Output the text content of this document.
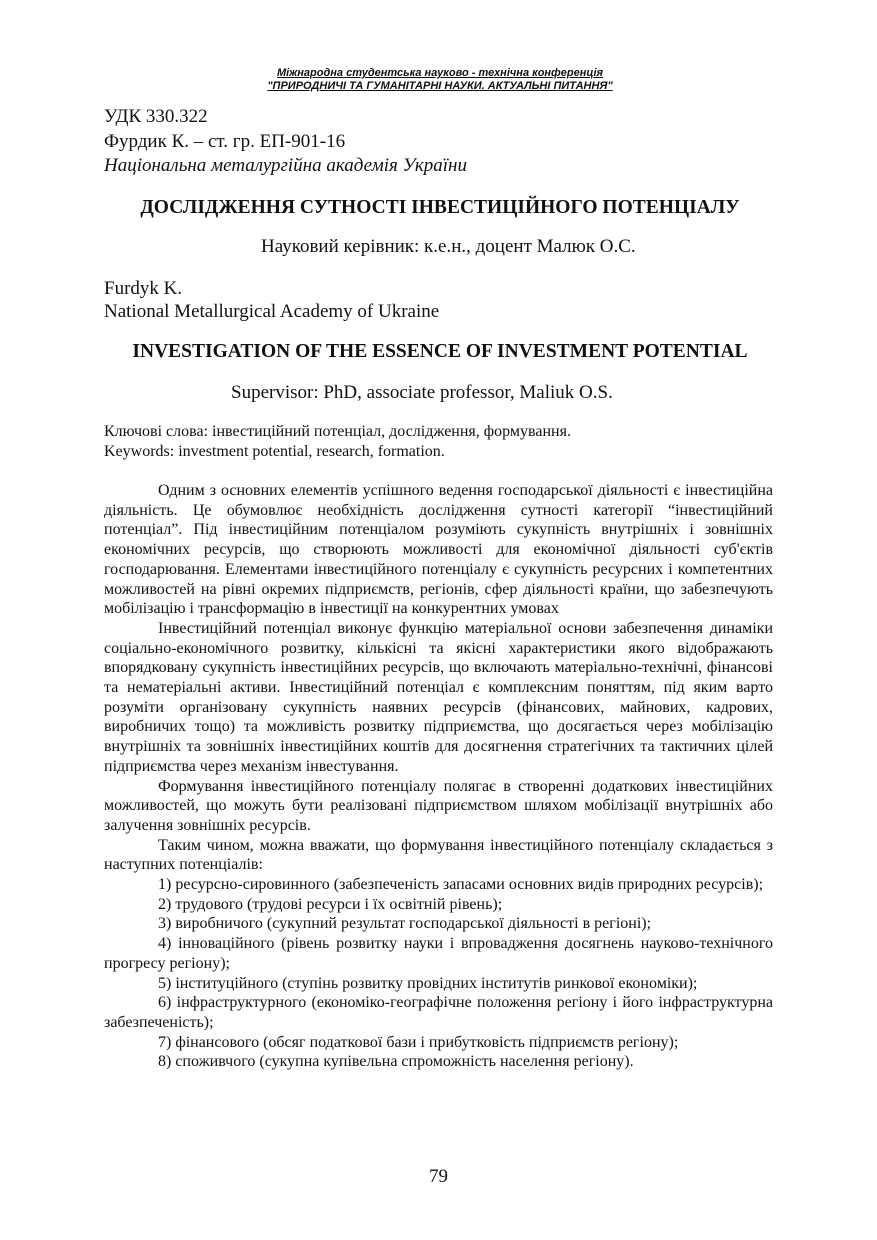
Міжнародна студентська науково - технічна конференція
"ПРИРОДНИЧІ ТА ГУМАНІТАРНІ НАУКИ. АКТУАЛЬНІ ПИТАННЯ"
УДК 330.322
Фурдик К. – ст. гр. ЕП-901-16
Національна металургійна академія України
ДОСЛІДЖЕННЯ СУТНОСТІ ІНВЕСТИЦІЙНОГО ПОТЕНЦІАЛУ
Науковий керівник: к.е.н., доцент Малюк О.С.
Furdyk K.
National Metallurgical Academy of Ukraine
INVESTIGATION OF THE ESSENCE OF INVESTMENT POTENTIAL
Supervisor: PhD, associate professor, Maliuk O.S.
Ключові слова: інвестиційний потенціал, дослідження, формування.
Keywords: investment potential, research, formation.

Одним з основних елементів успішного ведення господарської діяльності є інвестиційна діяльність. Це обумовлює необхідність дослідження сутності категорії “інвестиційний потенціал”. Під інвестиційним потенціалом розуміють сукупність внутрішніх і зовнішніх економічних ресурсів, що створюють можливості для економічної діяльності суб'єктів господарювання. Елементами інвестиційного потенціалу є сукупність ресурсних і компетентних можливостей на рівні окремих підприємств, регіонів, сфер діяльності країни, що забезпечують мобілізацію і трансформацію в інвестиції на конкурентних умовах

Інвестиційний потенціал виконує функцію матеріальної основи забезпечення динаміки соціально-економічного розвитку, кількісні та якісні характеристики якого відображають впорядковану сукупність інвестиційних ресурсів, що включають матеріально-технічні, фінансові та нематеріальні активи. Інвестиційний потенціал є комплексним поняттям, під яким варто розуміти організовану сукупність наявних ресурсів (фінансових, майнових, кадрових, виробничих тощо) та можливість розвитку підприємства, що досягається через мобілізацію внутрішніх та зовнішніх інвестиційних коштів для досягнення стратегічних та тактичних цілей підприємства через механізм інвестування.

Формування інвестиційного потенціалу полягає в створенні додаткових інвестиційних можливостей, що можуть бути реалізовані підприємством шляхом мобілізації внутрішніх або залучення зовнішніх ресурсів.

Таким чином, можна вважати, що формування інвестиційного потенціалу складається з наступних потенціалів:

1) ресурсно-сировинного (забезпеченість запасами основних видів природних ресурсів);

2) трудового (трудові ресурси і їх освітній рівень);

3) виробничого (сукупний результат господарської діяльності в регіоні);

4) інноваційного (рівень розвитку науки і впровадження досягнень науково-технічного прогресу регіону);

5) інституційного (ступінь розвитку провідних інститутів ринкової економіки);

6) інфраструктурного (економіко-географічне положення регіону і його інфраструктурна забезпеченість);

7) фінансового (обсяг податкової бази і прибутковість підприємств регіону);

8) споживчого (сукупна купівельна спроможність населення регіону).

79
